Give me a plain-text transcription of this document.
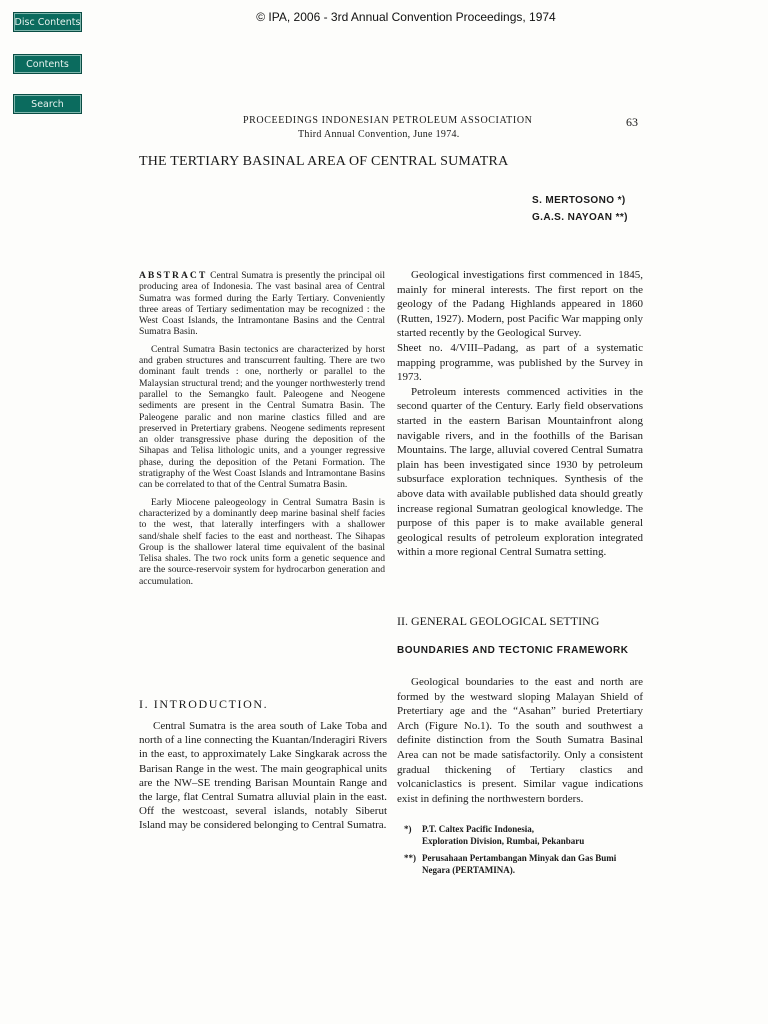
Disc Contents
Contents
Search
© IPA, 2006 - 3rd Annual Convention Proceedings, 1974
PROCEEDINGS INDONESIAN PETROLEUM ASSOCIATION	63
Third Annual Convention, June 1974.
THE TERTIARY BASINAL AREA OF CENTRAL SUMATRA
S. MERTOSONO *)
G.A.S. NAYOAN **)

ABSTRACT Central Sumatra is presently the principal oil producing area of Indonesia. The vast basinal area of Central Sumatra was formed during the Early Tertiary. Conveniently three areas of Tertiary sedimentation may be recognized : the West Coast Islands, the Intramontane Basins and the Central Sumatra Basin.

Central Sumatra Basin tectonics are characterized by horst and graben structures and transcurrent faulting. There are two dominant fault trends : one, northerly or parallel to the Malaysian structural trend; and the younger northwesterly trend parallel to the Semangko fault. Paleogene and Neogene sediments are present in the Central Sumatra Basin. The Paleogene paralic and non marine clastics filled and are preserved in Pretertiary grabens. Neogene sediments represent an older transgressive phase during the deposition of the Sihapas and Telisa lithologic units, and a younger regressive phase, during the deposition of the Petani Formation. The stratigraphy of the West Coast Islands and Intramontane Basins can be correlated to that of the Central Sumatra Basin.

Early Miocene paleogeology in Central Sumatra Basin is characterized by a dominantly deep marine basinal shelf facies to the west, that laterally interfingers with a shallower sand/shale shelf facies to the east and northeast. The Sihapas Group is the shallower lateral time equivalent of the basinal Telisa shales. The two rock units form a genetic sequence and are the source-reservoir system for hydrocarbon generation and accumulation.

I. INTRODUCTION.

Central Sumatra is the area south of Lake Toba and north of a line connecting the Kuantan/Inderagiri Rivers in the east, to approximately Lake Singkarak across the Barisan Range in the west. The main geographical units are the NW–SE trending Barisan Mountain Range and the large, flat Central Sumatra alluvial plain in the east. Off the westcoast, several islands, notably Siberut Island may be considered belonging to Central Sumatra.

Geological investigations first commenced in 1845, mainly for mineral interests. The first report on the geology of the Padang Highlands appeared in 1860 (Rutten, 1927). Modern, post Pacific War mapping only started recently by the Geological Survey.

Sheet no. 4/VIII–Padang, as part of a systematic mapping programme, was published by the Survey in 1973.

Petroleum interests commenced activities in the second quarter of the Century. Early field observations started in the eastern Barisan Mountainfront along navigable rivers, and in the foothills of the Barisan Mountains. The large, alluvial covered Central Sumatra plain has been investigated since 1930 by petroleum subsurface exploration techniques. Synthesis of the above data with available published data should greatly increase regional Sumatran geological knowledge. The purpose of this paper is to make available general geological results of petroleum exploration integrated within a more regional Central Sumatra setting.

II. GENERAL GEOLOGICAL SETTING
BOUNDARIES AND TECTONIC FRAMEWORK

Geological boundaries to the east and north are formed by the westward sloping Malayan Shield of Pretertiary age and the “Asahan” buried Pretertiary Arch (Figure No.1). To the south and southwest a definite distinction from the South Sumatra Basinal Area can not be made satisfactorily. Only a consistent gradual thickening of Tertiary clastics and volcaniclastics is present. Similar vague indications exist in defining the northwestern borders.

*) P.T. Caltex Pacific Indonesia,
Exploration Division, Rumbai, Pekanbaru
**) Perusahaan Pertambangan Minyak dan Gas Bumi
Negara (PERTAMINA).
